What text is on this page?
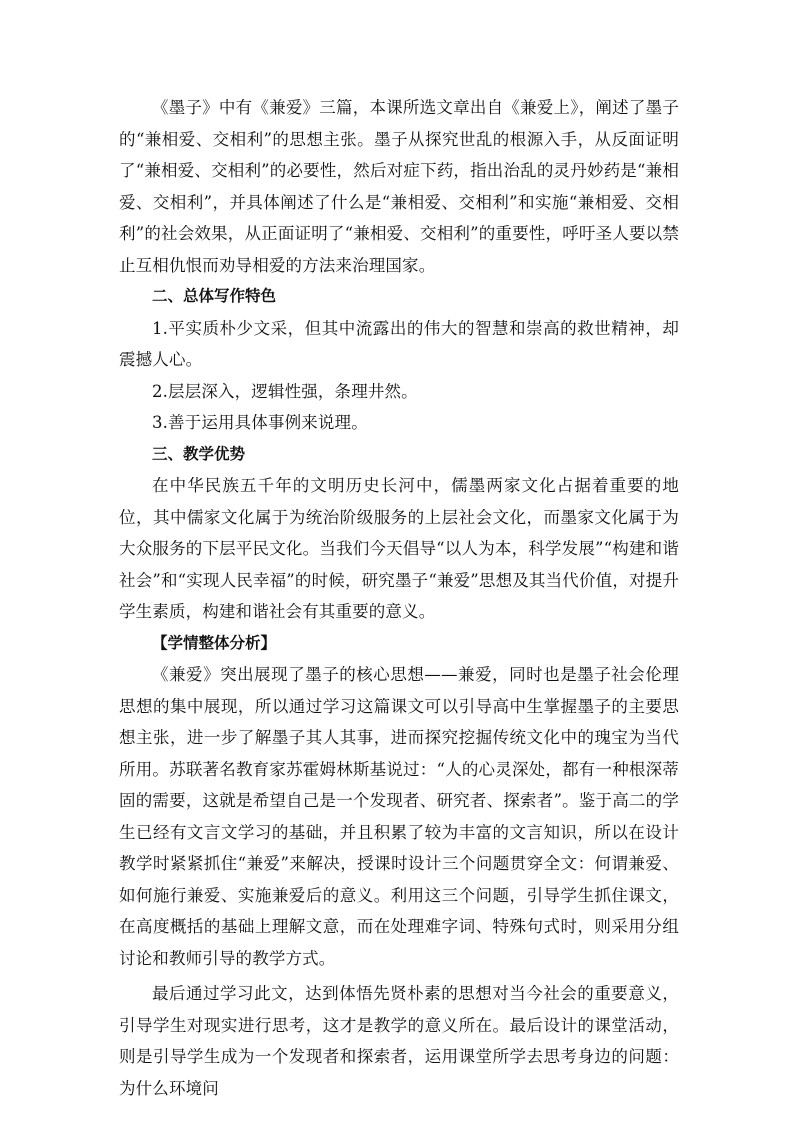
《墨子》中有《兼爱》三篇，本课所选文章出自《兼爱上》，阐述了墨子的“兼相爱、交相利”的思想主张。墨子从探究世乱的根源入手，从反面证明了“兼相爱、交相利”的必要性，然后对症下药，指出治乱的灵丹妙药是“兼相爱、交相利”，并具体阐述了什么是“兼相爱、交相利”和实施“兼相爱、交相利”的社会效果，从正面证明了“兼相爱、交相利”的重要性，呼吁圣人要以禁止互相仇恨而劝导相爱的方法来治理国家。

二、总体写作特色

1.平实质朴少文采，但其中流露出的伟大的智慧和崇高的救世精神，却震撼人心。

2.层层深入，逻辑性强，条理井然。

3.善于运用具体事例来说理。

三、教学优势

在中华民族五千年的文明历史长河中，儒墨两家文化占据着重要的地位，其中儒家文化属于为统治阶级服务的上层社会文化，而墨家文化属于为大众服务的下层平民文化。当我们今天倡导“以人为本，科学发展”“构建和谐社会”和“实现人民幸福”的时候，研究墨子“兼爱”思想及其当代价值，对提升学生素质，构建和谐社会有其重要的意义。

【学情整体分析】

《兼爱》突出展现了墨子的核心思想——兼爱，同时也是墨子社会伦理思想的集中展现，所以通过学习这篇课文可以引导高中生掌握墨子的主要思想主张，进一步了解墨子其人其事，进而探究挖掘传统文化中的瑰宝为当代所用。苏联著名教育家苏霍姆林斯基说过：“人的心灵深处，都有一种根深蒂固的需要，这就是希望自己是一个发现者、研究者、探索者”。鉴于高二的学生已经有文言文学习的基础，并且积累了较为丰富的文言知识，所以在设计教学时紧紧抓住“兼爱”来解决，授课时设计三个问题贯穿全文：何谓兼爱、如何施行兼爱、实施兼爱后的意义。利用这三个问题，引导学生抓住课文，在高度概括的基础上理解文意，而在处理难字词、特殊句式时，则采用分组讨论和教师引导的教学方式。

最后通过学习此文，达到体悟先贤朴素的思想对当今社会的重要意义，引导学生对现实进行思考，这才是教学的意义所在。最后设计的课堂活动，则是引导学生成为一个发现者和探索者，运用课堂所学去思考身边的问题：为什么环境问
